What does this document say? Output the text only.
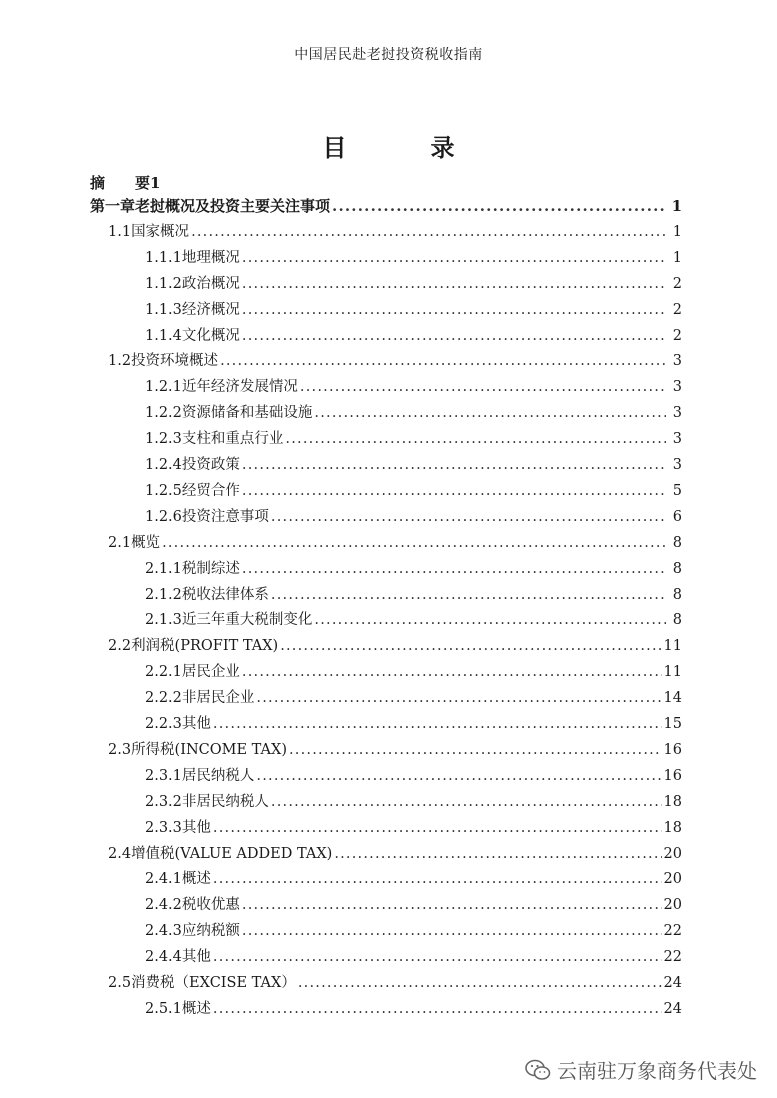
中国居民赴老挝投资税收指南
目　录
摘 要1
第一章 老挝概况及投资主要关注事项 .....	1
1.1 国家概况 .....	1
1.1.1 地理概况 .....	1
1.1.2 政治概况 .....	2
1.1.3 经济概况 .....	2
1.1.4 文化概况 .....	2
1.2 投资环境概述 .....	3
1.2.1 近年经济发展情况 .....	3
1.2.2 资源储备和基础设施 .....	3
1.2.3 支柱和重点行业 .....	3
1.2.4 投资政策 .....	3
1.2.5 经贸合作 .....	5
1.2.6 投资注意事项 .....	6
2.1 概览 .....	8
2.1.1 税制综述 .....	8
2.1.2 税收法律体系 .....	8
2.1.3 近三年重大税制变化 .....	8
2.2 利润税(PROFIT TAX) .....	11
2.2.1 居民企业 .....	11
2.2.2 非居民企业 .....	14
2.2.3 其他 .....	15
2.3 所得税(INCOME TAX) .....	16
2.3.1 居民纳税人 .....	16
2.3.2 非居民纳税人 .....	18
2.3.3 其他 .....	18
2.4 增值税(VALUE ADDED TAX) .....	20
2.4.1 概述 .....	20
2.4.2 税收优惠 .....	20
2.4.3 应纳税额 .....	22
2.4.4 其他 .....	22
2.5 消费税（EXCISE TAX） .....	24
2.5.1 概述 .....	24
云南驻万象商务代表处
